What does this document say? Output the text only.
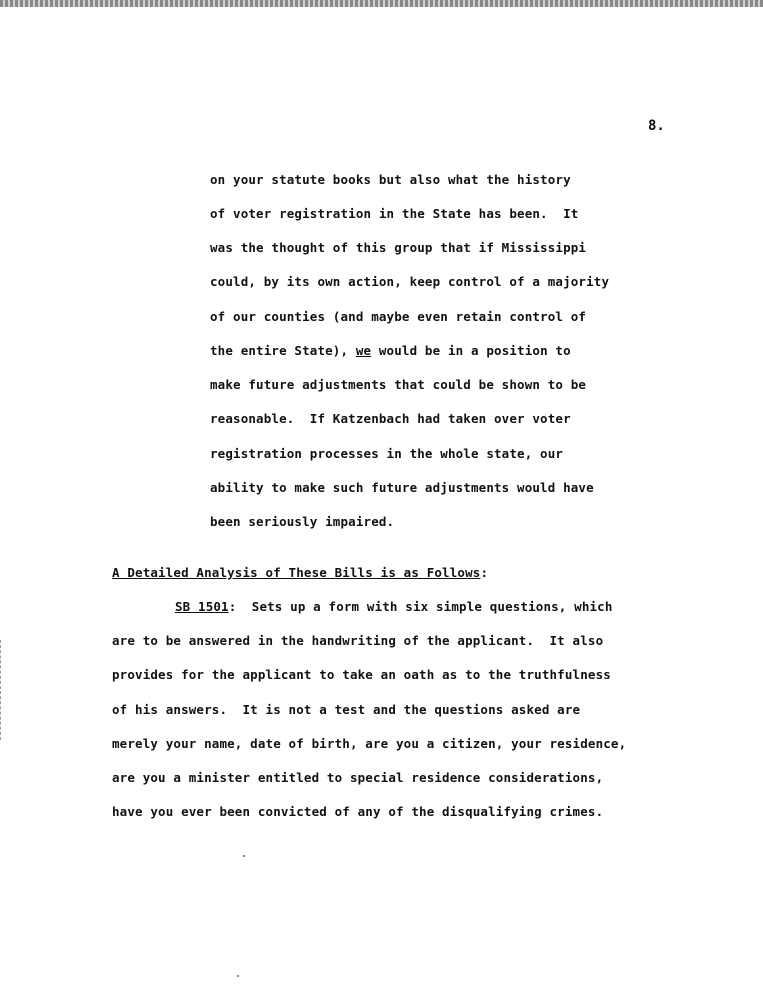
8.
on your statute books but also what the history
of voter registration in the State has been.  It
was the thought of this group that if Mississippi
could, by its own action, keep control of a majority
of our counties (and maybe even retain control of
the entire State), we would be in a position to
make future adjustments that could be shown to be
reasonable.  If Katzenbach had taken over voter
registration processes in the whole state, our
ability to make such future adjustments would have
been seriously impaired.
A Detailed Analysis of These Bills is as Follows:
SB 1501:  Sets up a form with six simple questions, which
are to be answered in the handwriting of the applicant.  It also
provides for the applicant to take an oath as to the truthfulness
of his answers.  It is not a test and the questions asked are
merely your name, date of birth, are you a citizen, your residence,
are you a minister entitled to special residence considerations,
have you ever been convicted of any of the disqualifying crimes.
